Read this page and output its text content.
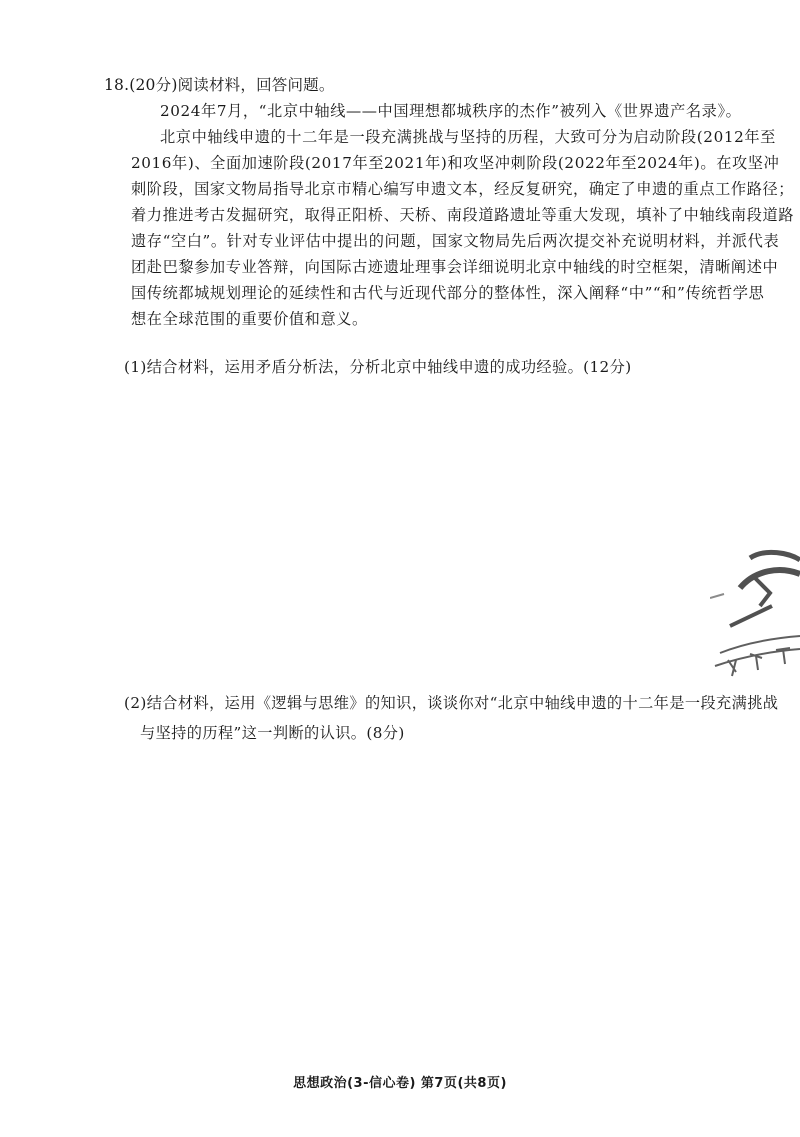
18.(20分)阅读材料，回答问题。

2024年7月，“北京中轴线——中国理想都城秩序的杰作”被列入《世界遗产名录》。

北京中轴线申遗的十二年是一段充满挑战与坚持的历程，大致可分为启动阶段(2012年至
2016年)、全面加速阶段(2017年至2021年)和攻坚冲刺阶段(2022年至2024年)。在攻坚冲
刺阶段，国家文物局指导北京市精心编写申遗文本，经反复研究，确定了申遗的重点工作路径；
着力推进考古发掘研究，取得正阳桥、天桥、南段道路遗址等重大发现，填补了中轴线南段道路
遗存“空白”。针对专业评估中提出的问题，国家文物局先后两次提交补充说明材料，并派代表
团赴巴黎参加专业答辩，向国际古迹遗址理事会详细说明北京中轴线的时空框架，清晰阐述中
国传统都城规划理论的延续性和古代与近现代部分的整体性，深入阐释“中”“和”传统哲学思
想在全球范围的重要价值和意义。

(1)结合材料，运用矛盾分析法，分析北京中轴线申遗的成功经验。(12分)
(2)结合材料，运用《逻辑与思维》的知识，谈谈你对“北京中轴线申遗的十二年是一段充满挑战
与坚持的历程”这一判断的认识。(8分)
思想政治(3-信心卷) 第7页(共8页)
